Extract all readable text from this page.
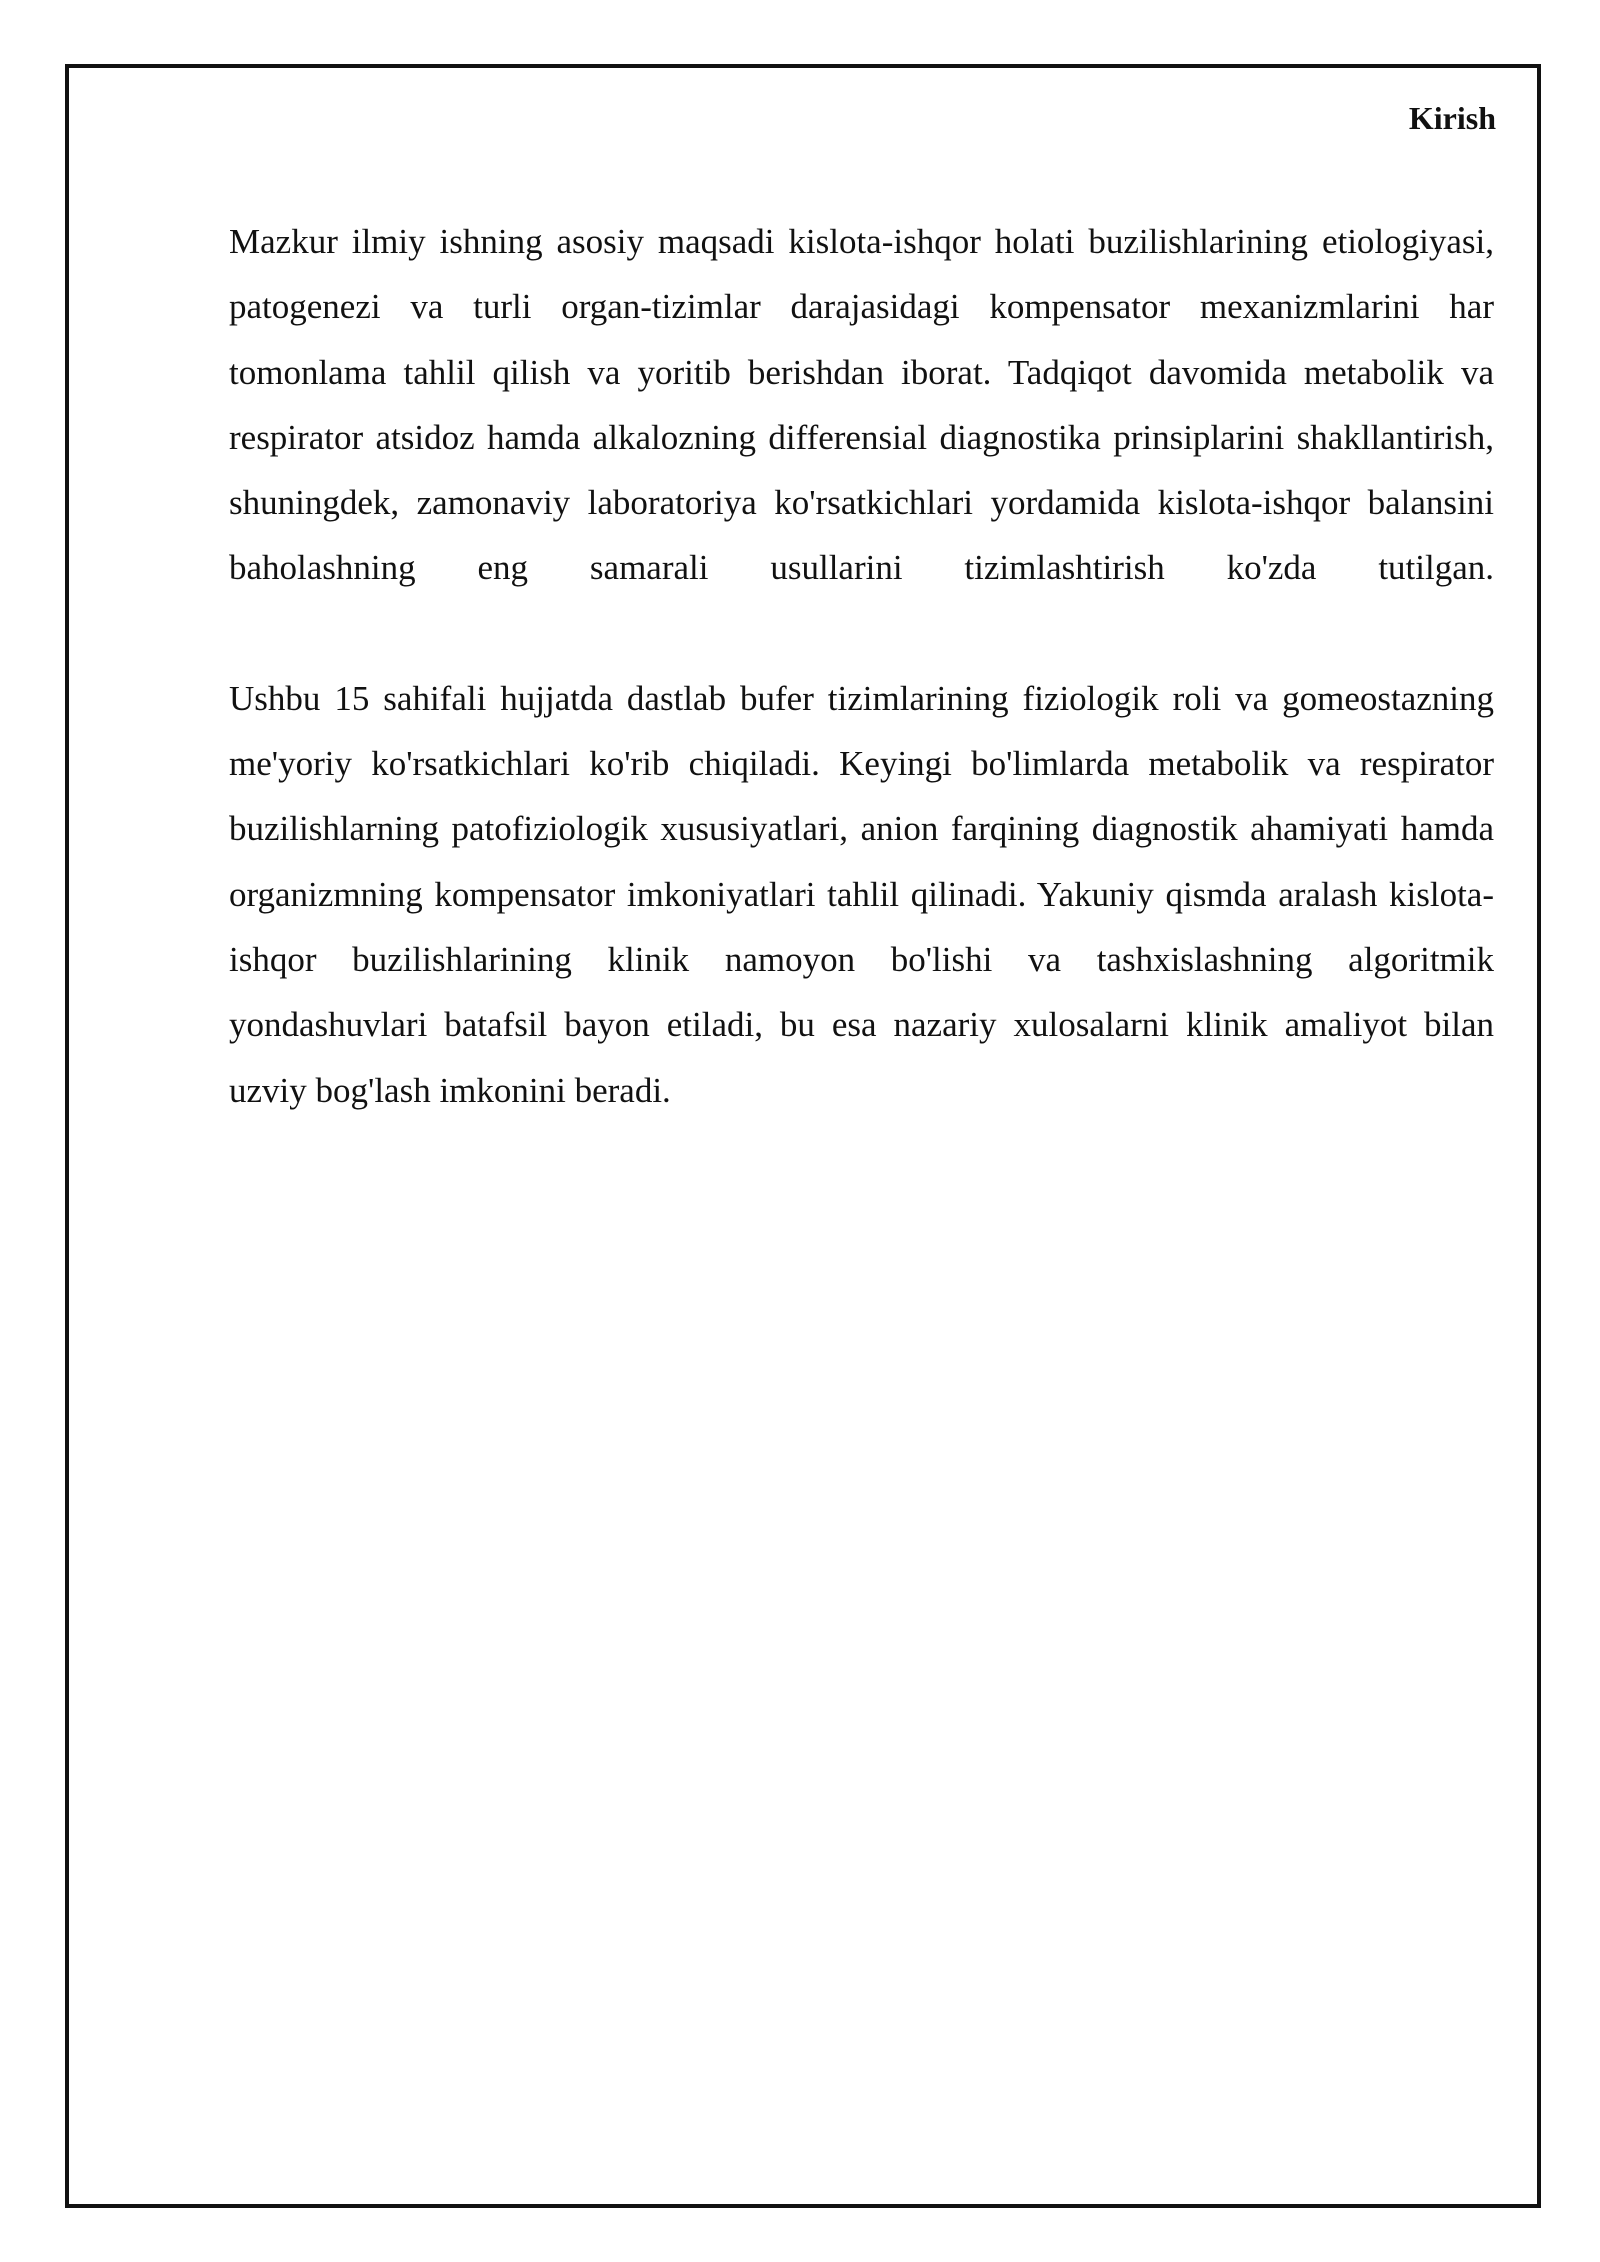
Kirish

Mazkur ilmiy ishning asosiy maqsadi kislota-ishqor holati buzilishlarining etiologiyasi, patogenezi va turli organ-tizimlar darajasidagi kompensator mexanizmlarini har tomonlama tahlil qilish va yoritib berishdan iborat. Tadqiqot davomida metabolik va respirator atsidoz hamda alkalozning differensial diagnostika prinsiplarini shakllantirish, shuningdek, zamonaviy laboratoriya ko'rsatkichlari yordamida kislota-ishqor balansini baholashning eng samarali usullarini tizimlashtirish ko'zda tutilgan.

Ushbu 15 sahifali hujjatda dastlab bufer tizimlarining fiziologik roli va gomeostazning me'yoriy ko'rsatkichlari ko'rib chiqiladi. Keyingi bo'limlarda metabolik va respirator buzilishlarning patofiziologik xususiyatlari, anion farqining diagnostik ahamiyati hamda organizmning kompensator imkoniyatlari tahlil qilinadi. Yakuniy qismda aralash kislota-ishqor buzilishlarining klinik namoyon bo'lishi va tashxislashning algoritmik yondashuvlari batafsil bayon etiladi, bu esa nazariy xulosalarni klinik amaliyot bilan uzviy bog'lash imkonini beradi.
